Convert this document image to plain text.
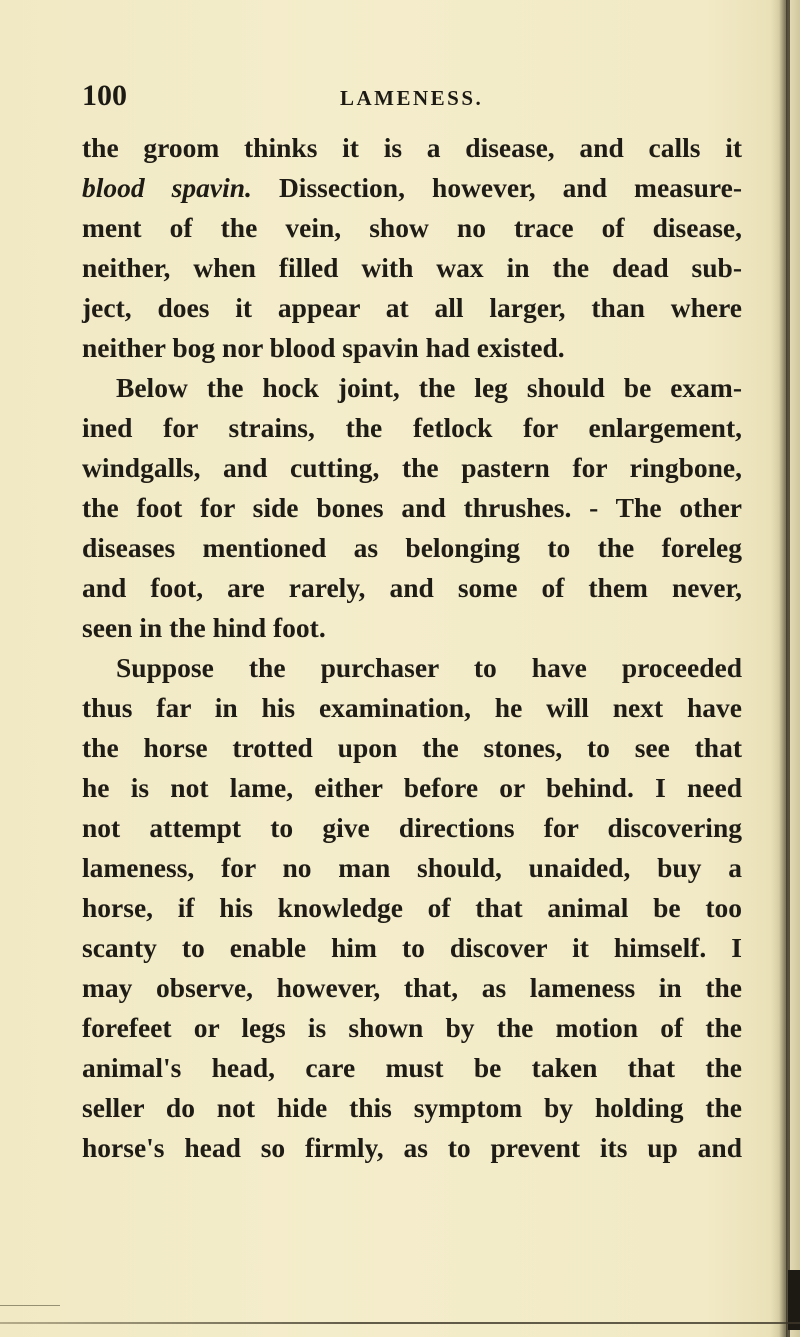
100	LAMENESS.
the groom thinks it is a disease, and calls it
blood spavin. Dissection, however, and measure-
ment of the vein, show no trace of disease,
neither, when filled with wax in the dead sub-
ject, does it appear at all larger, than where
neither bog nor blood spavin had existed.
Below the hock joint, the leg should be exam-
ined for strains, the fetlock for enlargement,
windgalls, and cutting, the pastern for ringbone,
the foot for side bones and thrushes. - The other
diseases mentioned as belonging to the foreleg
and foot, are rarely, and some of them never,
seen in the hind foot.
Suppose the purchaser to have proceeded
thus far in his examination, he will next have
the horse trotted upon the stones, to see that
he is not lame, either before or behind. I need
not attempt to give directions for discovering
lameness, for no man should, unaided, buy a
horse, if his knowledge of that animal be too
scanty to enable him to discover it himself. I
may observe, however, that, as lameness in the
forefeet or legs is shown by the motion of the
animal's head, care must be taken that the
seller do not hide this symptom by holding the
horse's head so firmly, as to prevent its up and
